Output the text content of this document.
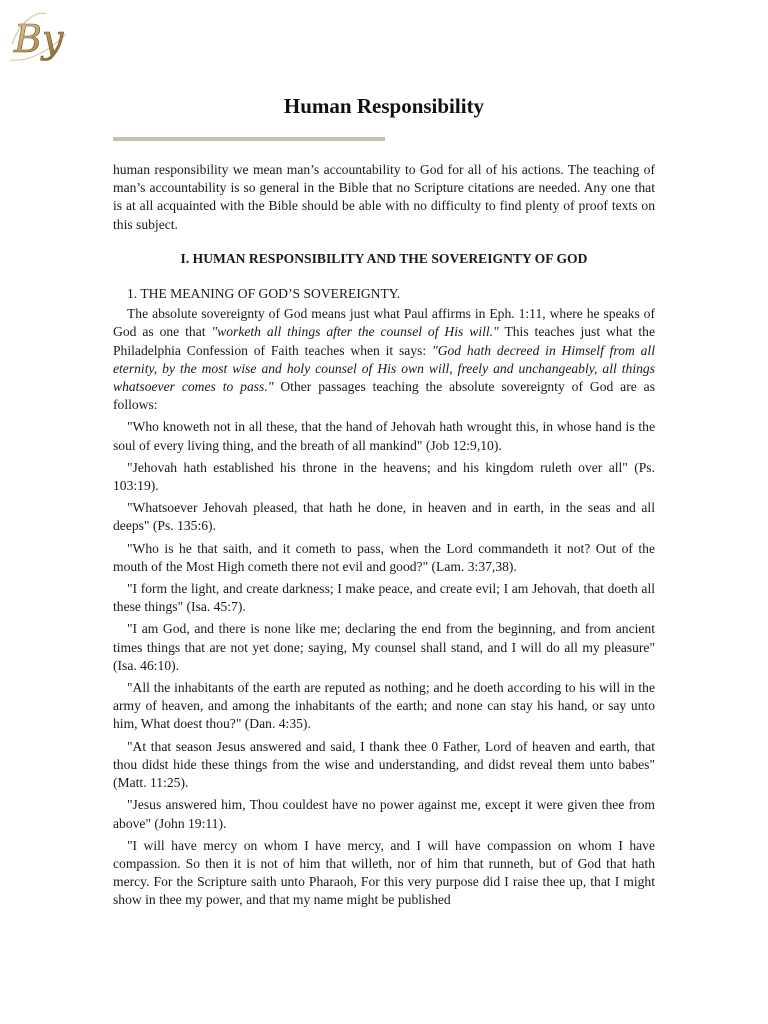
By
Human Responsibility

human responsibility we mean man’s accountability to God for all of his actions. The teaching of man’s accountability is so general in the Bible that no Scripture citations are needed. Any one that is at all acquainted with the Bible should be able with no difficulty to find plenty of proof texts on this subject.

I. HUMAN RESPONSIBILITY AND THE SOVEREIGNTY OF GOD

1. THE MEANING OF GOD’S SOVEREIGNTY.

The absolute sovereignty of God means just what Paul affirms in Eph. 1:11, where he speaks of God as one that "worketh all things after the counsel of His will." This teaches just what the Philadelphia Confession of Faith teaches when it says: "God hath decreed in Himself from all eternity, by the most wise and holy counsel of His own will, freely and unchangeably, all things whatsoever comes to pass." Other passages teaching the absolute sovereignty of God are as follows:

"Who knoweth not in all these, that the hand of Jehovah hath wrought this, in whose hand is the soul of every living thing, and the breath of all mankind" (Job 12:9,10).

"Jehovah hath established his throne in the heavens; and his kingdom ruleth over all" (Ps. 103:19).

"Whatsoever Jehovah pleased, that hath he done, in heaven and in earth, in the seas and all deeps" (Ps. 135:6).

"Who is he that saith, and it cometh to pass, when the Lord commandeth it not? Out of the mouth of the Most High cometh there not evil and good?" (Lam. 3:37,38).

"I form the light, and create darkness; I make peace, and create evil; I am Jehovah, that doeth all these things" (Isa. 45:7).

"I am God, and there is none like me; declaring the end from the beginning, and from ancient times things that are not yet done; saying, My counsel shall stand, and I will do all my pleasure" (Isa. 46:10).

"All the inhabitants of the earth are reputed as nothing; and he doeth according to his will in the army of heaven, and among the inhabitants of the earth; and none can stay his hand, or say unto him, What doest thou?" (Dan. 4:35).

"At that season Jesus answered and said, I thank thee 0 Father, Lord of heaven and earth, that thou didst hide these things from the wise and understanding, and didst reveal them unto babes" (Matt. 11:25).

"Jesus answered him, Thou couldest have no power against me, except it were given thee from above" (John 19:11).

"I will have mercy on whom I have mercy, and I will have compassion on whom I have compassion. So then it is not of him that willeth, nor of him that runneth, but of God that hath mercy. For the Scripture saith unto Pharaoh, For this very purpose did I raise thee up, that I might show in thee my power, and that my name might be published
